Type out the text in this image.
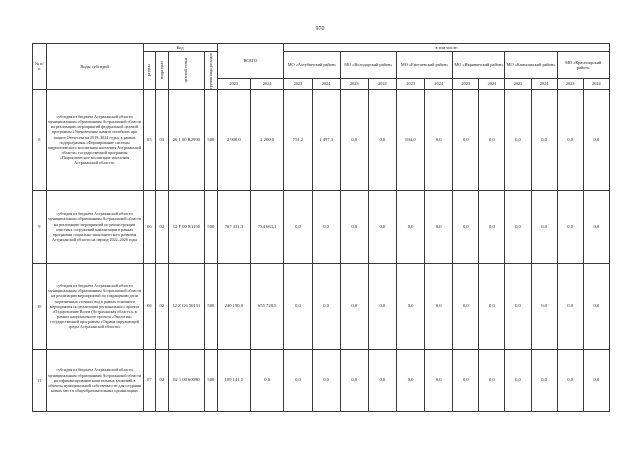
970
№ п/п	Виды субсидий	Код				ВСЕГО		в том числе:											

		раздела	подраздела	целевой статьи	группы вида расходов			МО «Ахтубинский район»		МО «Володарский район»		МО «Енотаевский район»		МО «Икрянинский район»		МО «Камызякский район»		МО «Красноярский район»	
						2023	2024	2023	2024	2023	2024	2023	2024	2023	2024	2023	2024	2023	2024
8	субсидия из бюджета Астраханской области муниципальным образованиям Астраханской области на реализацию мероприятий федеральной целевой программы «Увековечение памяти погибших при защите Отечества на 2019–2024 годы» в рамках подпрограммы «Формирование системы патриотического воспитания населения Астраханской области» государственной программы «Патриотическое воспитание населения Астраханской области»	05	03	26 1 00 R2990	500	2 900,0	2 200,0	751,2	1 497,3	0,0	0,0	834,0	0,0	0,0	0,0	0,0	0,0	0,0	0,0
9	субсидия из бюджета Астраханской области муниципальным образованиям Астраханской области на реализацию мероприятий по реконструкции очистных сооружений канализации в рамках программы социально-экономического развития Астраханской области на период 2022–2026 годы	06	02	12 F 00 R1150	500	707 431,3	734 663,1	0,0	0,0	0,0	0,0	0,0	0,0	0,0	0,0	0,0	0,0	0,0	0,0
10	субсидия из бюджета Астраханской области муниципальным образованиям Астраханской области на реализацию мероприятий по сокращению доли загрязненных сточных вод в рамках основного мероприятия по реализации регионального проекта «Оздоровление Волги (Астраханская область)» в рамках национального проекта «Экология» государственной программы «Охрана окружающей среды Астраханской области»	06	02	12 Z G6 50131	500	240 190,0	655 728,5	0,0	0,0	0,0	0,0	0,0	0,0	0,0	0,0	0,0	0,0	0,0	0,0
11	субсидия из бюджета Астраханской области муниципальным образованиям Астраханской области на софинансирование капитальных вложений в объекты муниципальной собственности для создания новых мест в общеобразовательных организациях	07	02	02 1 00 60090	500	109 141,5	0,0	0,0	0,0	0,0	0,0	0,0	0,0	0,0	0,0	0,0	0,0	0,0	0,0
